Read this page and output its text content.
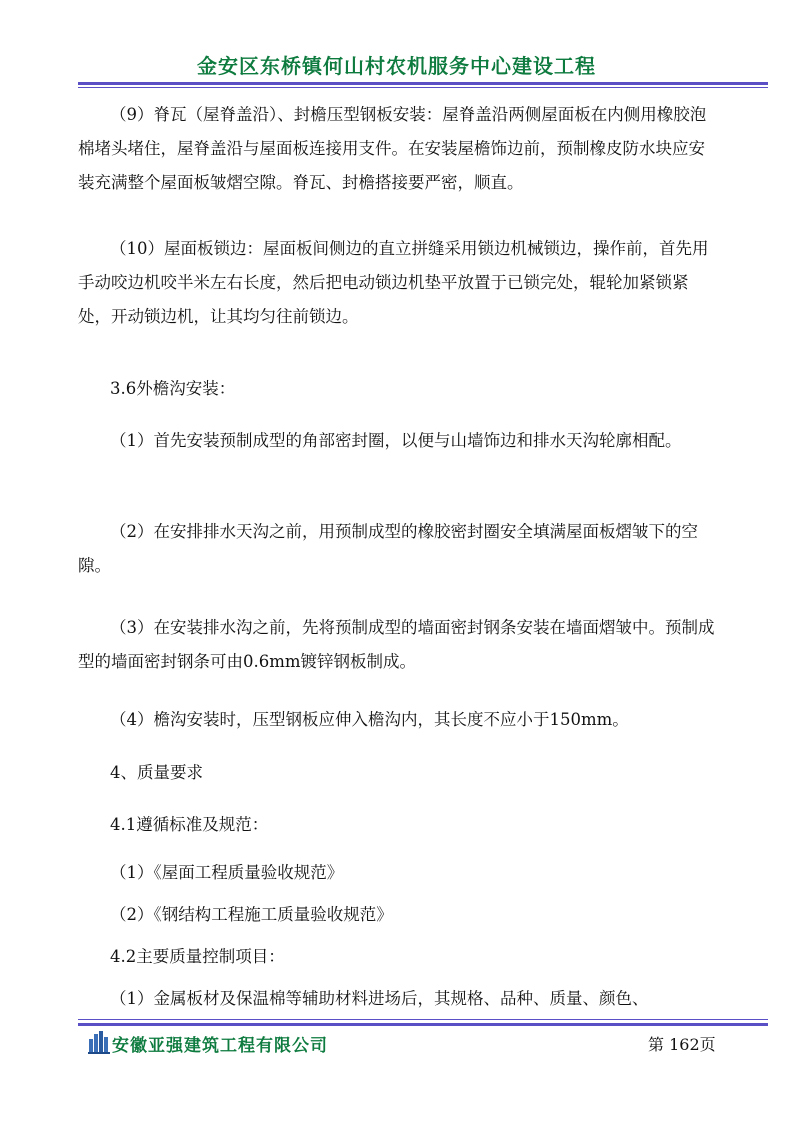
金安区东桥镇何山村农机服务中心建设工程

（9）脊瓦（屋脊盖沿）、封檐压型钢板安装：屋脊盖沿两侧屋面板在内侧用橡胶泡棉堵头堵住，屋脊盖沿与屋面板连接用支件。在安装屋檐饰边前，预制橡皮防水块应安装充满整个屋面板皱熠空隙。脊瓦、封檐搭接要严密，顺直。

（10）屋面板锁边：屋面板间侧边的直立拼缝采用锁边机械锁边，操作前，首先用手动咬边机咬半米左右长度，然后把电动锁边机垫平放置于已锁完处，辊轮加紧锁紧处，开动锁边机，让其均匀往前锁边。

3.6外檐沟安装：

（1）首先安装预制成型的角部密封圈，以便与山墙饰边和排水天沟轮廓相配。

（2）在安排排水天沟之前，用预制成型的橡胶密封圈安全填满屋面板熠皱下的空隙。

（3）在安装排水沟之前，先将预制成型的墙面密封钢条安装在墙面熠皱中。预制成型的墙面密封钢条可由0.6mm镀锌钢板制成。

（4）檐沟安装时，压型钢板应伸入檐沟内，其长度不应小于150mm。

4、质量要求

4.1遵循标准及规范：

（1）《屋面工程质量验收规范》

（2）《钢结构工程施工质量验收规范》

4.2主要质量控制项目：

（1）金属板材及保温棉等辅助材料进场后，其规格、品种、质量、颜色、

安徽亚强建筑工程有限公司	第 162页
